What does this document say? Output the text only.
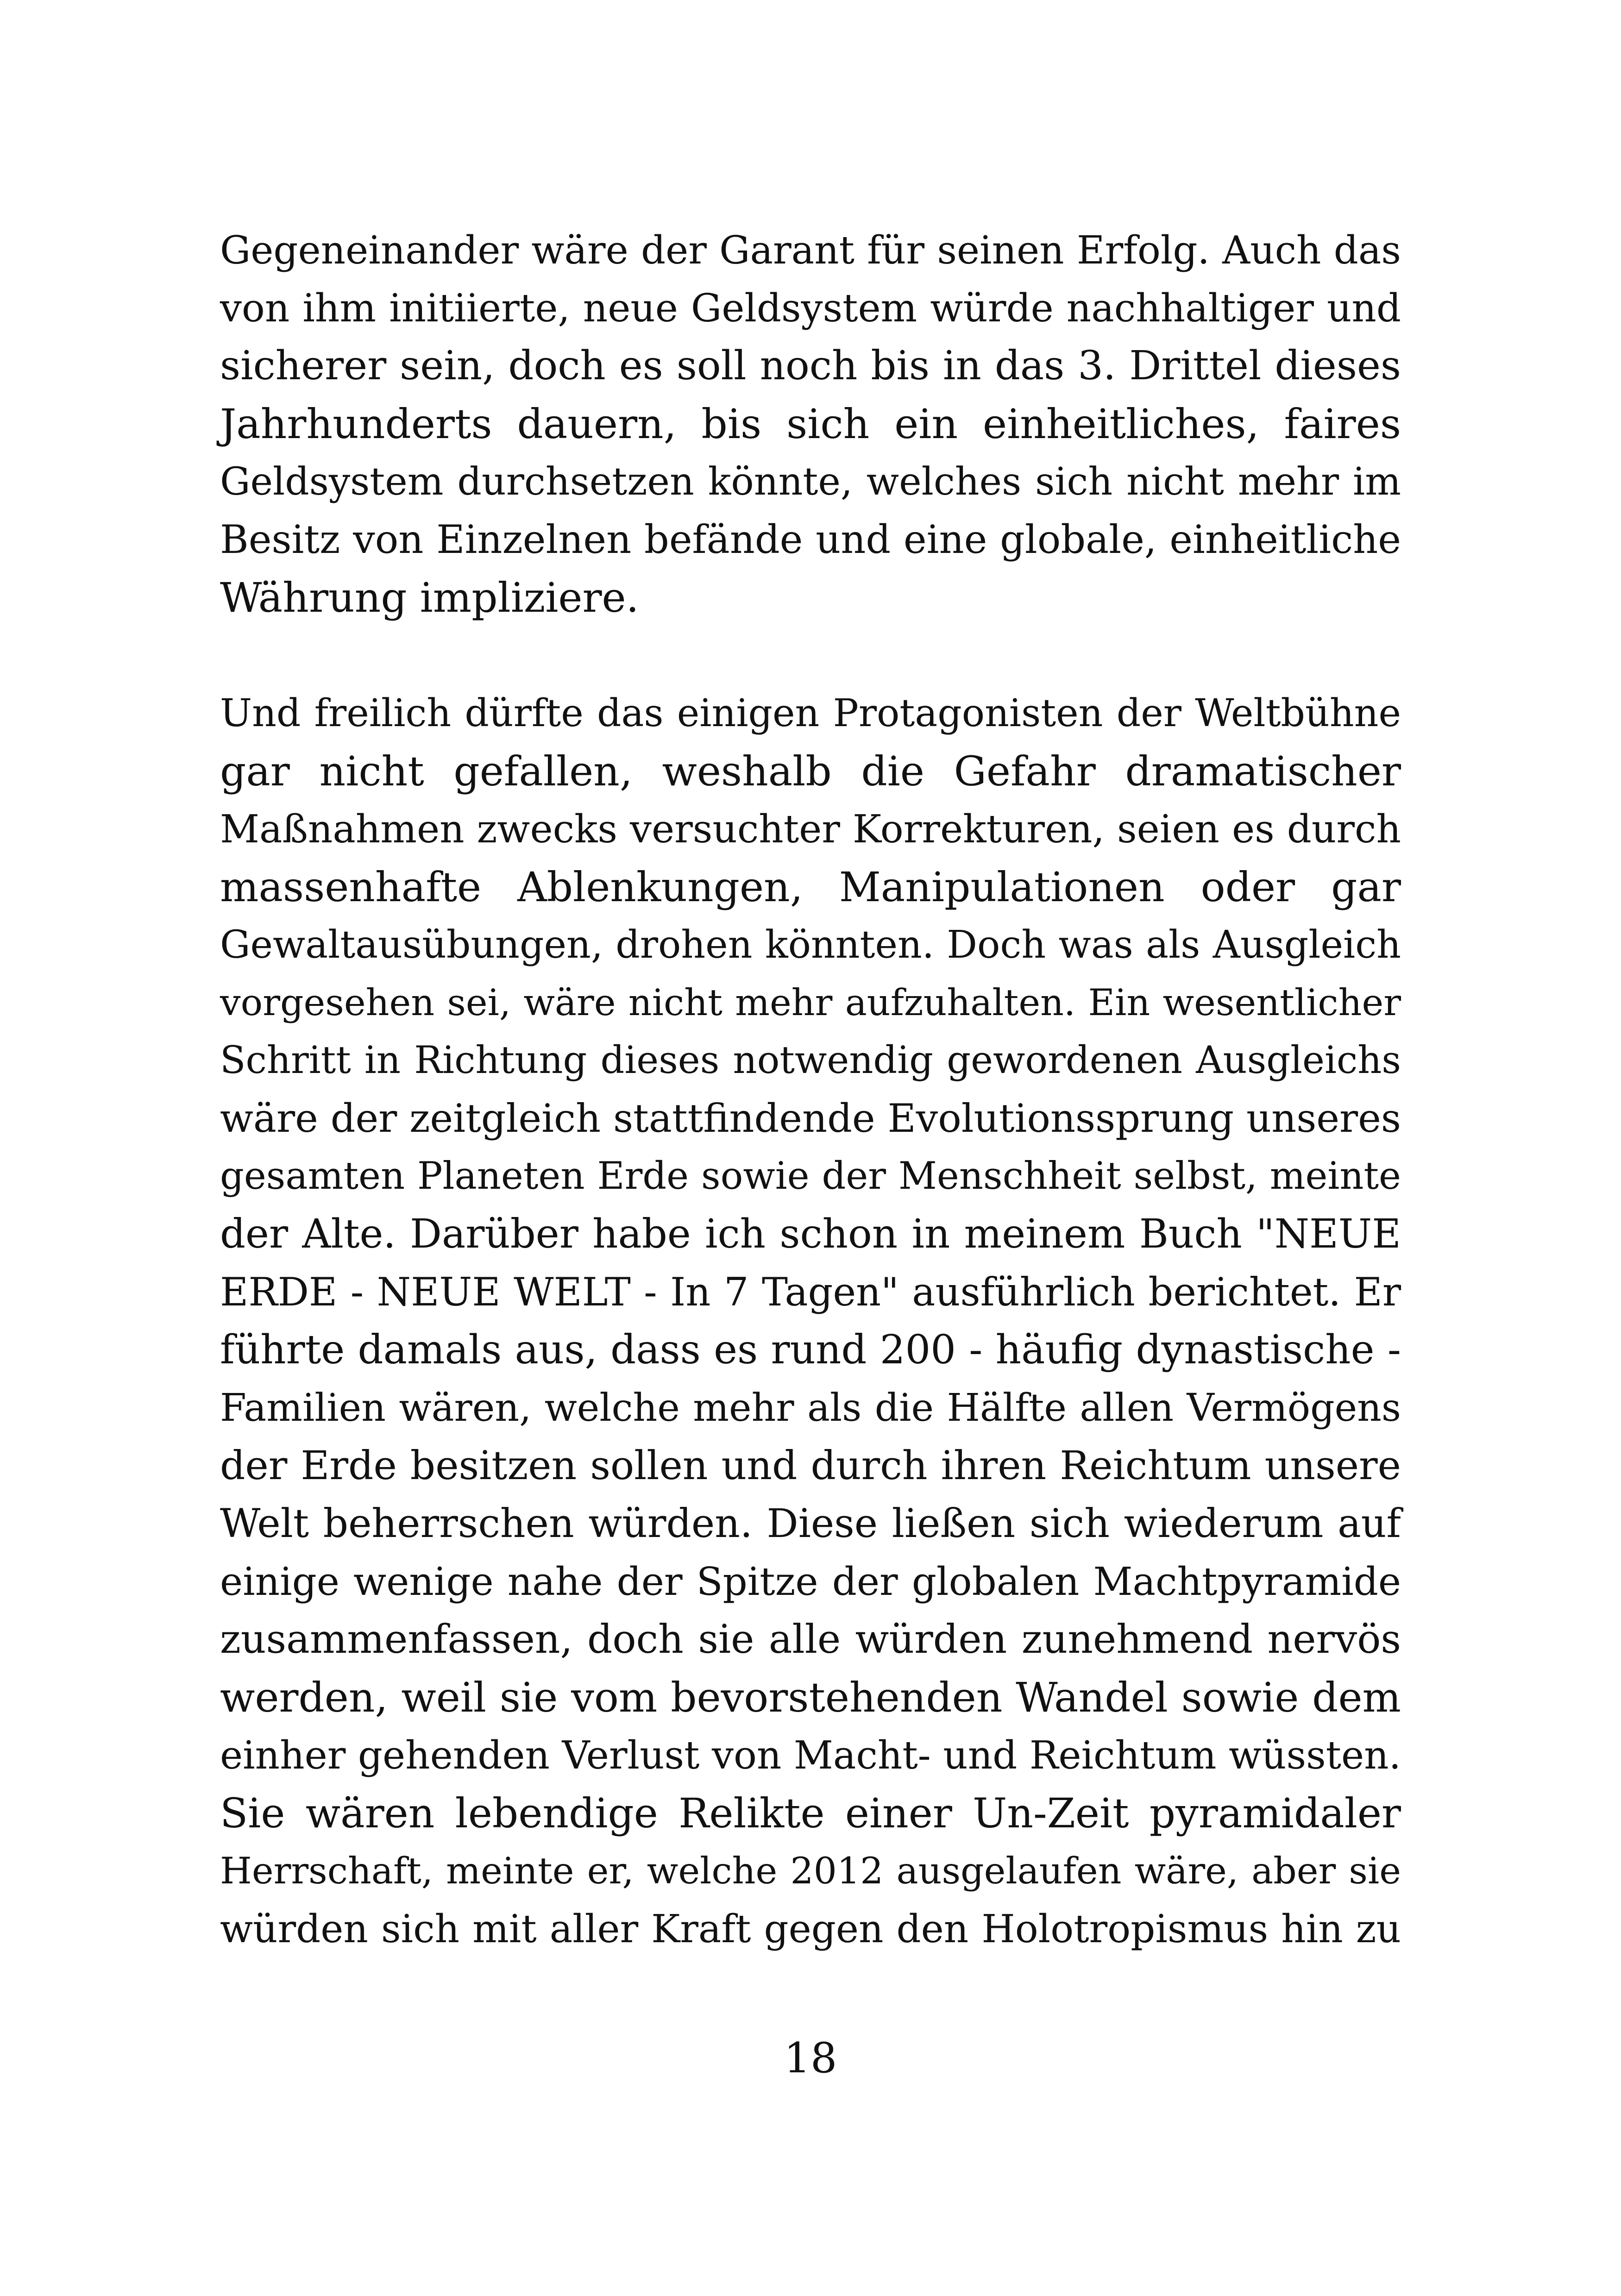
Gegeneinander wäre der Garant für seinen Erfolg. Auch das
von ihm initiierte, neue Geldsystem würde nachhaltiger und
sicherer sein, doch es soll noch bis in das 3. Drittel dieses
Jahrhunderts dauern, bis sich ein einheitliches, faires
Geldsystem durchsetzen könnte, welches sich nicht mehr im
Besitz von Einzelnen befände und eine globale, einheitliche
Währung impliziere.
Und freilich dürfte das einigen Protagonisten der Weltbühne
gar nicht gefallen, weshalb die Gefahr dramatischer
Maßnahmen zwecks versuchter Korrekturen, seien es durch
massenhafte Ablenkungen, Manipulationen oder gar
Gewaltausübungen, drohen könnten. Doch was als Ausgleich
vorgesehen sei, wäre nicht mehr aufzuhalten. Ein wesentlicher
Schritt in Richtung dieses notwendig gewordenen Ausgleichs
wäre der zeitgleich stattfindende Evolutionssprung unseres
gesamten Planeten Erde sowie der Menschheit selbst, meinte
der Alte. Darüber habe ich schon in meinem Buch "NEUE
ERDE - NEUE WELT - In 7 Tagen" ausführlich berichtet. Er
führte damals aus, dass es rund 200 - häufig dynastische -
Familien wären, welche mehr als die Hälfte allen Vermögens
der Erde besitzen sollen und durch ihren Reichtum unsere
Welt beherrschen würden. Diese ließen sich wiederum auf
einige wenige nahe der Spitze der globalen Machtpyramide
zusammenfassen, doch sie alle würden zunehmend nervös
werden, weil sie vom bevorstehenden Wandel sowie dem
einher gehenden Verlust von Macht- und Reichtum wüssten.
Sie wären lebendige Relikte einer Un-Zeit pyramidaler
Herrschaft, meinte er, welche 2012 ausgelaufen wäre, aber sie
würden sich mit aller Kraft gegen den Holotropismus hin zu
18
